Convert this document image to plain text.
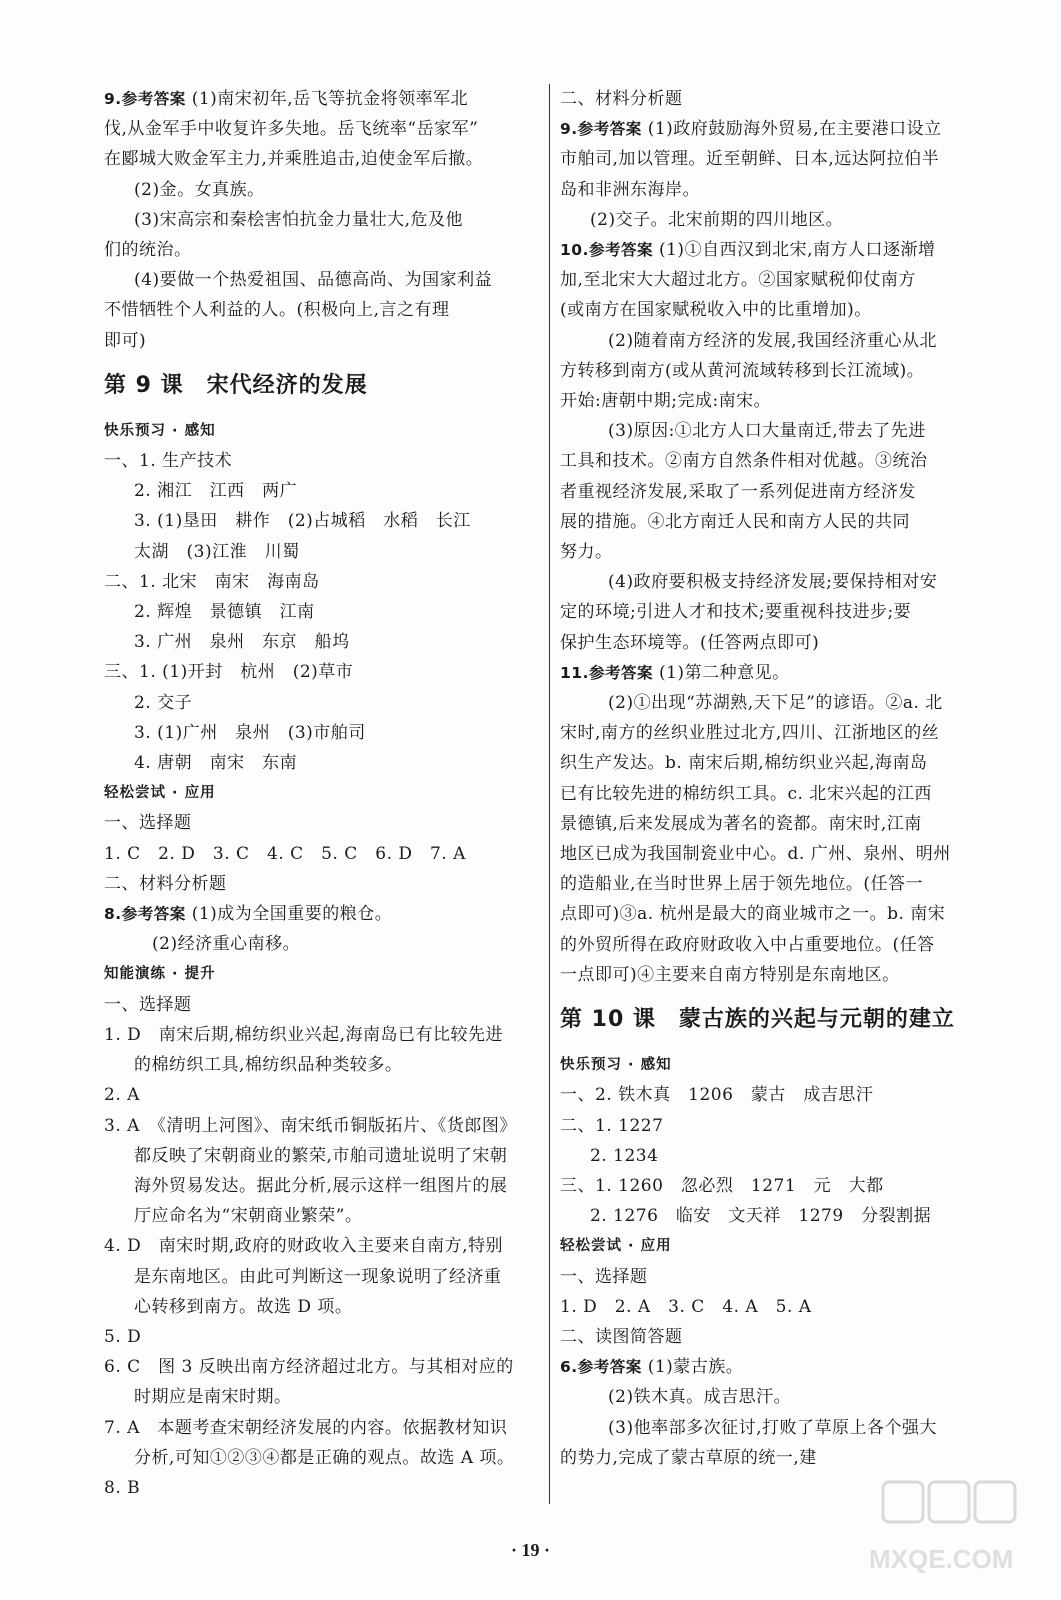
9.参考答案 (1)南宋初年,岳飞等抗金将领率军北
伐,从金军手中收复许多失地。岳飞统率“岳家军”
在郾城大败金军主力,并乘胜追击,迫使金军后撤。
(2)金。女真族。
(3)宋高宗和秦桧害怕抗金力量壮大,危及他
们的统治。
(4)要做一个热爱祖国、品德高尚、为国家利益
不惜牺牲个人利益的人。(积极向上,言之有理
即可)
第 9 课　宋代经济的发展
快乐预习 · 感知
一、1. 生产技术
2. 湘江　江西　两广
3. (1)垦田　耕作　(2)占城稻　水稻　长江
太湖　(3)江淮　川蜀
二、1. 北宋　南宋　海南岛
2. 辉煌　景德镇　江南
3. 广州　泉州　东京　船坞
三、1. (1)开封　杭州　(2)草市
2. 交子
3. (1)广州　泉州　(3)市舶司
4. 唐朝　南宋　东南
轻松尝试 · 应用
一、选择题
1. C　2. D　3. C　4. C　5. C　6. D　7. A
二、材料分析题
8.参考答案 (1)成为全国重要的粮仓。
(2)经济重心南移。
知能演练 · 提升
一、选择题
1. D　南宋后期,棉纺织业兴起,海南岛已有比较先进
的棉纺织工具,棉纺织品种类较多。
2. A
3. A　《清明上河图》、南宋纸币铜版拓片、《货郎图》
都反映了宋朝商业的繁荣,市舶司遗址说明了宋朝
海外贸易发达。据此分析,展示这样一组图片的展
厅应命名为“宋朝商业繁荣”。
4. D　南宋时期,政府的财政收入主要来自南方,特别
是东南地区。由此可判断这一现象说明了经济重
心转移到南方。故选 D 项。
5. D
6. C　图 3 反映出南方经济超过北方。与其相对应的
时期应是南宋时期。
7. A　本题考查宋朝经济发展的内容。依据教材知识
分析,可知①②③④都是正确的观点。故选 A 项。
8. B
二、材料分析题
9.参考答案 (1)政府鼓励海外贸易,在主要港口设立
市舶司,加以管理。近至朝鲜、日本,远达阿拉伯半
岛和非洲东海岸。
(2)交子。北宋前期的四川地区。
10.参考答案 (1)①自西汉到北宋,南方人口逐渐增
加,至北宋大大超过北方。②国家赋税仰仗南方
(或南方在国家赋税收入中的比重增加)。
(2)随着南方经济的发展,我国经济重心从北
方转移到南方(或从黄河流域转移到长江流域)。
开始:唐朝中期;完成:南宋。
(3)原因:①北方人口大量南迁,带去了先进
工具和技术。②南方自然条件相对优越。③统治
者重视经济发展,采取了一系列促进南方经济发
展的措施。④北方南迁人民和南方人民的共同
努力。
(4)政府要积极支持经济发展;要保持相对安
定的环境;引进人才和技术;要重视科技进步;要
保护生态环境等。(任答两点即可)
11.参考答案 (1)第二种意见。
(2)①出现“苏湖熟,天下足”的谚语。②a. 北
宋时,南方的丝织业胜过北方,四川、江浙地区的丝
织生产发达。b. 南宋后期,棉纺织业兴起,海南岛
已有比较先进的棉纺织工具。c. 北宋兴起的江西
景德镇,后来发展成为著名的瓷都。南宋时,江南
地区已成为我国制瓷业中心。d. 广州、泉州、明州
的造船业,在当时世界上居于领先地位。(任答一
点即可)③a. 杭州是最大的商业城市之一。b. 南宋
的外贸所得在政府财政收入中占重要地位。(任答
一点即可)④主要来自南方特别是东南地区。
第 10 课　蒙古族的兴起与元朝的建立
快乐预习 · 感知
一、2. 铁木真　1206　蒙古　成吉思汗
二、1. 1227
2. 1234
三、1. 1260　忽必烈　1271　元　大都
2. 1276　临安　文天祥　1279　分裂割据
轻松尝试 · 应用
一、选择题
1. D　2. A　3. C　4. A　5. A
二、读图简答题
6.参考答案 (1)蒙古族。
(2)铁木真。成吉思汗。
(3)他率部多次征讨,打败了草原上各个强大
的势力,完成了蒙古草原的统一,建
· 19 ·	MXQE.COM
